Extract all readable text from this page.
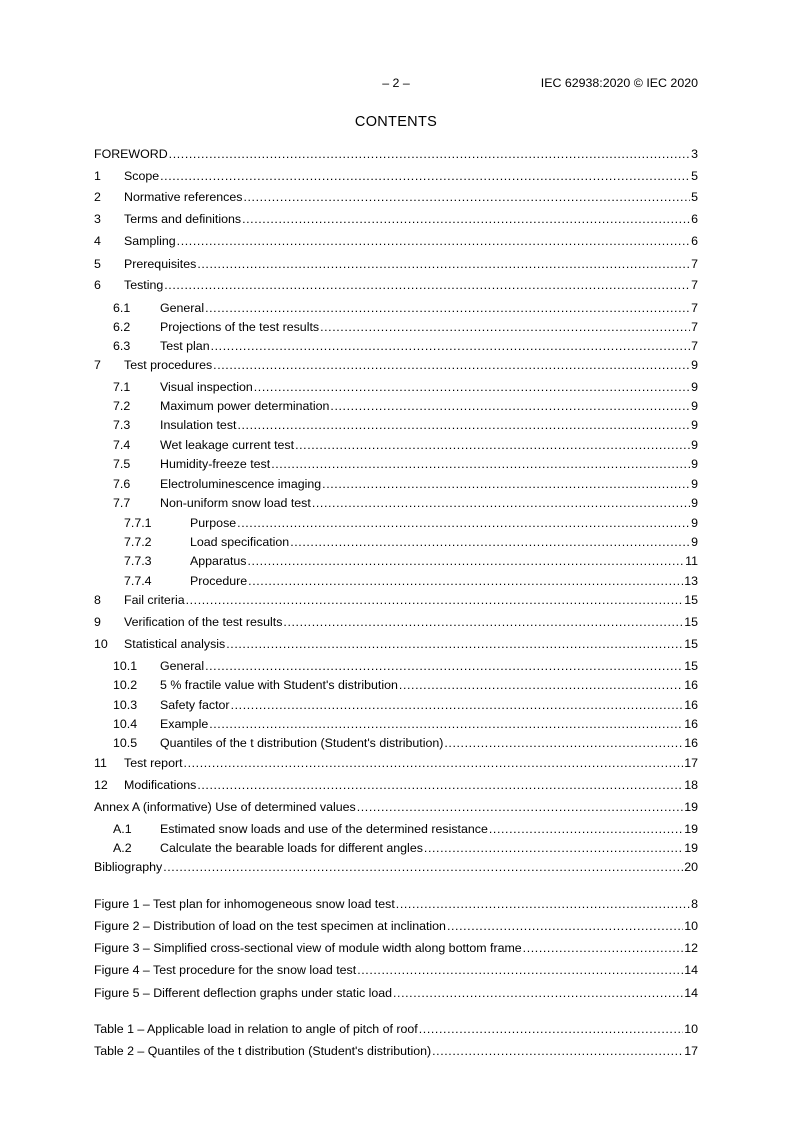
– 2 –	IEC 62938:2020 © IEC 2020
CONTENTS
FOREWORD .....	3
1	Scope .....	5
2	Normative references .....	5
3	Terms and definitions .....	6
4	Sampling .....	6
5	Prerequisites .....	7
6	Testing .....	7
6.1	General .....	7
6.2	Projections of the test results .....	7
6.3	Test plan .....	7
7	Test procedures .....	9
7.1	Visual inspection .....	9
7.2	Maximum power determination .....	9
7.3	Insulation test .....	9
7.4	Wet leakage current test .....	9
7.5	Humidity-freeze test .....	9
7.6	Electroluminescence imaging .....	9
7.7	Non-uniform snow load test .....	9
7.7.1	Purpose .....	9
7.7.2	Load specification .....	9
7.7.3	Apparatus .....	11
7.7.4	Procedure .....	13
8	Fail criteria .....	15
9	Verification of the test results .....	15
10	Statistical analysis .....	15
10.1	General .....	15
10.2	5 % fractile value with Student's distribution .....	16
10.3	Safety factor .....	16
10.4	Example .....	16
10.5	Quantiles of the t distribution (Student's distribution) .....	16
11	Test report .....	17
12	Modifications .....	18
Annex A (informative) Use of determined values .....	19
A.1	Estimated snow loads and use of the determined resistance .....	19
A.2	Calculate the bearable loads for different angles .....	19
Bibliography .....	20
Figure 1 – Test plan for inhomogeneous snow load test .....	8
Figure 2 – Distribution of load on the test specimen at inclination .....	10
Figure 3 – Simplified cross-sectional view of module width along bottom frame .....	12
Figure 4 – Test procedure for the snow load test .....	14
Figure 5 – Different deflection graphs under static load .....	14
Table 1 – Applicable load in relation to angle of pitch of roof .....	10
Table 2 – Quantiles of the t distribution (Student's distribution) .....	17
